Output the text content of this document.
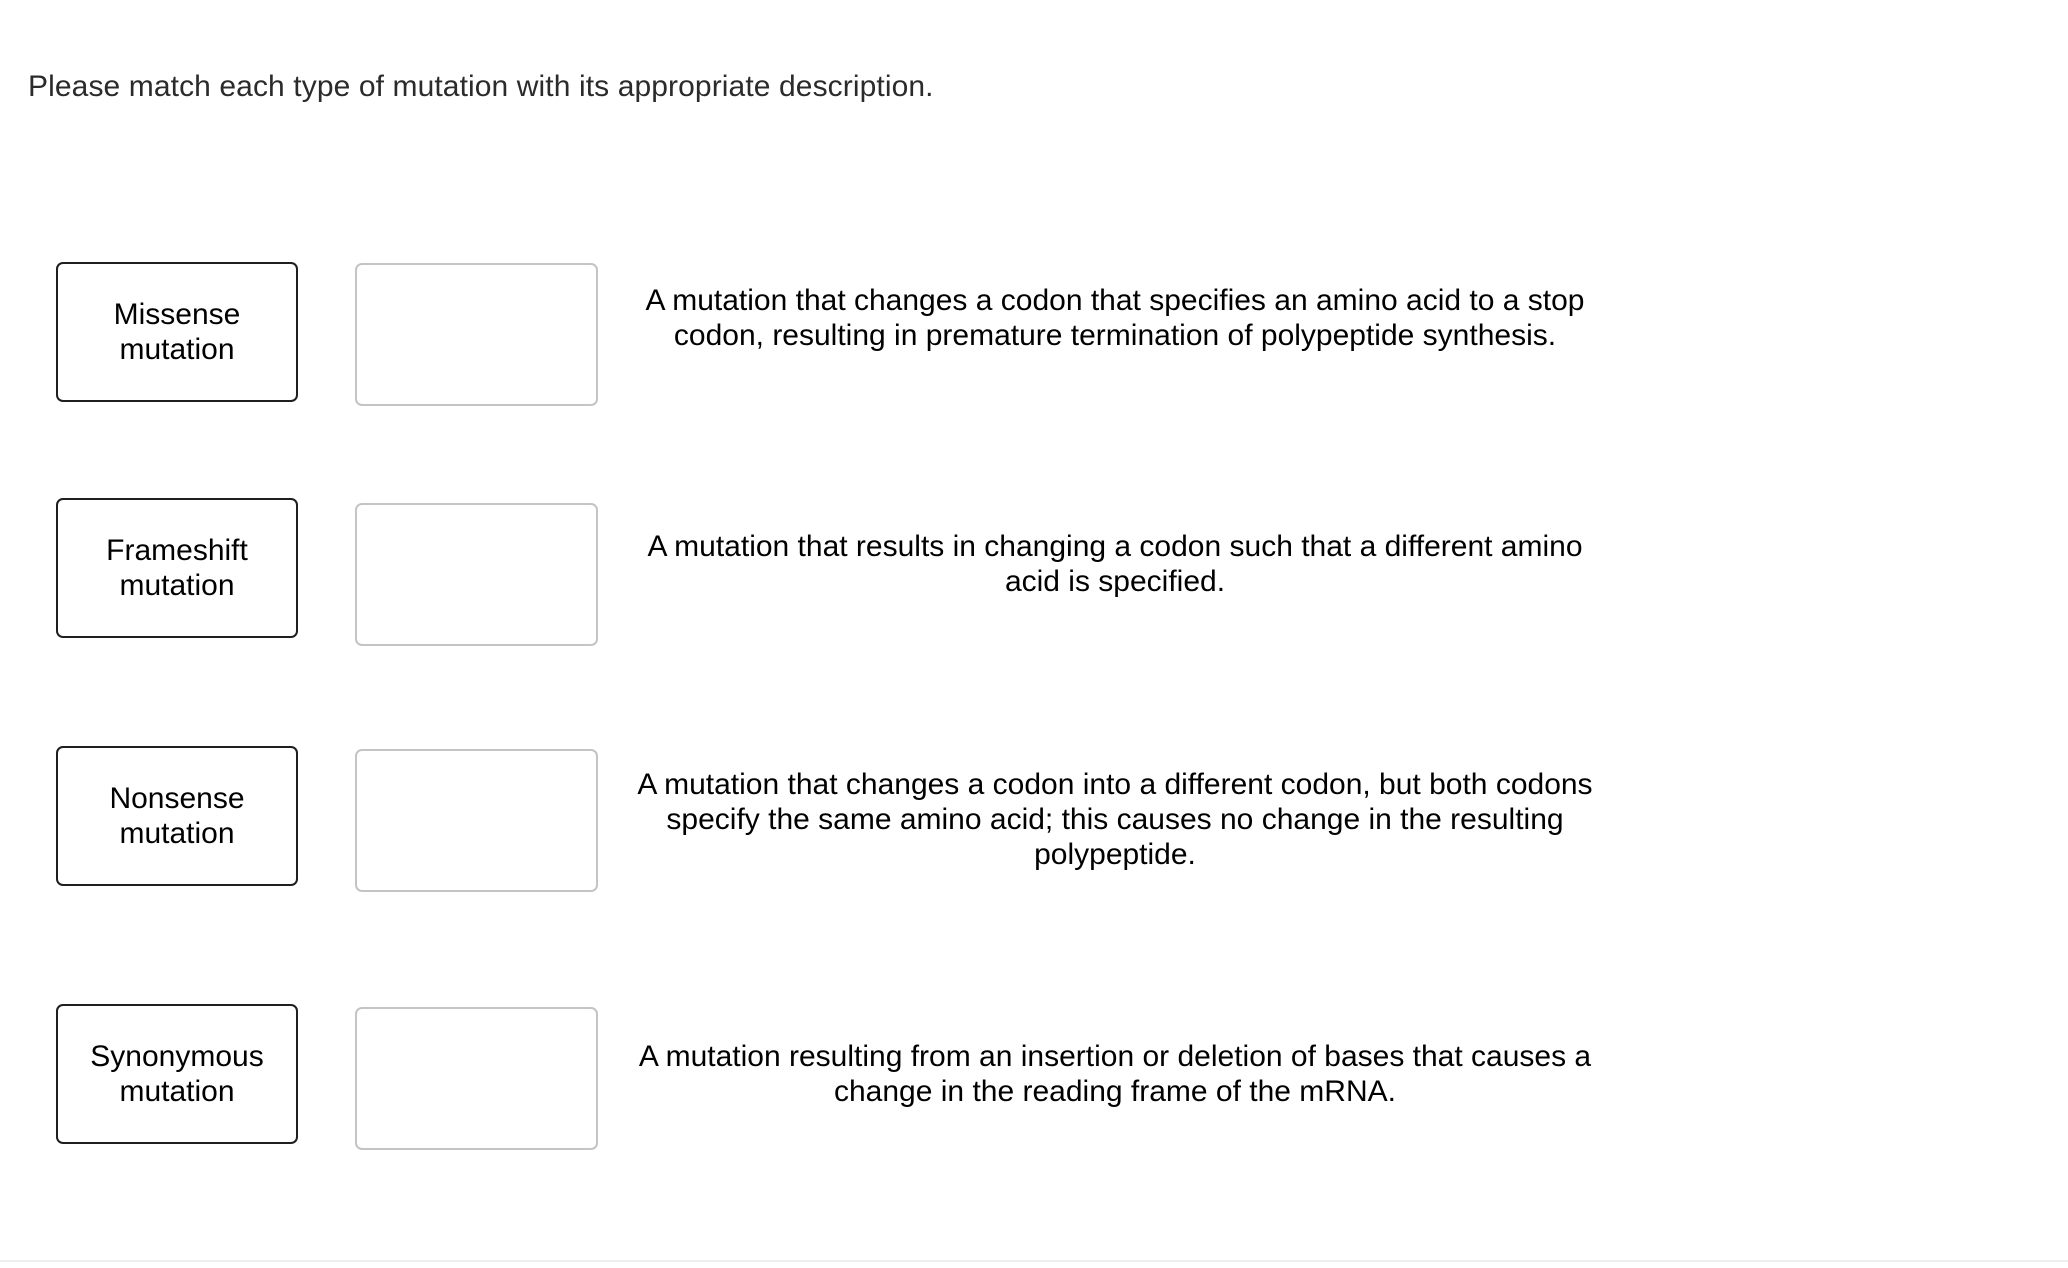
Please match each type of mutation with its appropriate description.
Missense mutation
A mutation that changes a codon that specifies an amino acid to a stop codon, resulting in premature termination of polypeptide synthesis.
Frameshift mutation
A mutation that results in changing a codon such that a different amino acid is specified.
Nonsense mutation
A mutation that changes a codon into a different codon, but both codons specify the same amino acid; this causes no change in the resulting polypeptide.
Synonymous mutation
A mutation resulting from an insertion or deletion of bases that causes a change in the reading frame of the mRNA.
